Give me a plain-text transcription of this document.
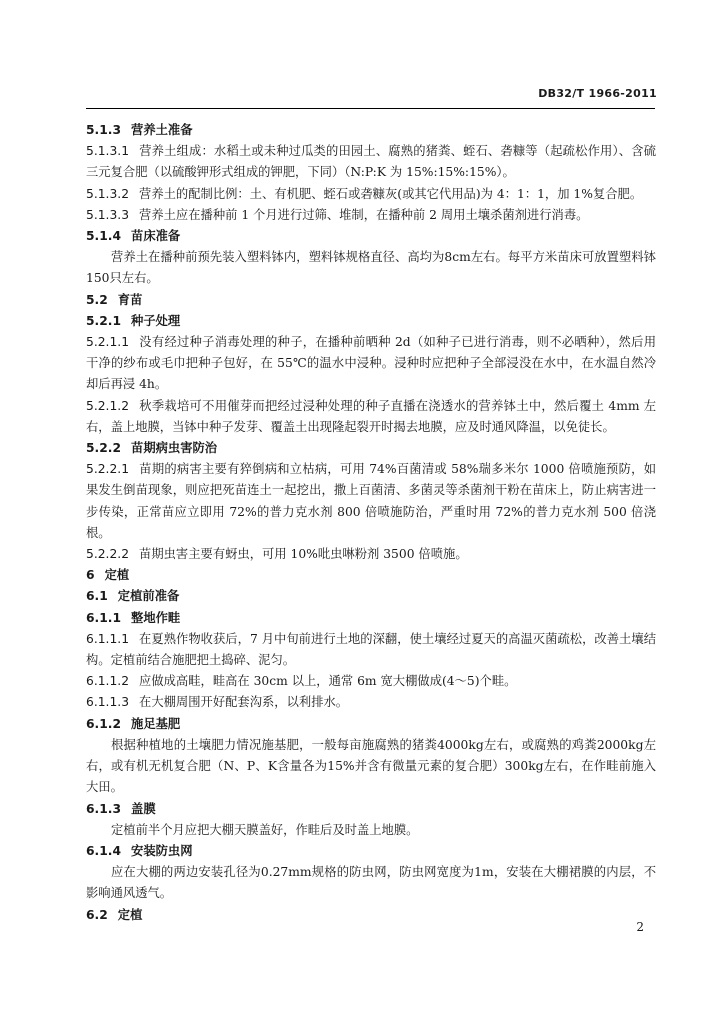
DB32/T 1966-2011

5.1.3 营养土准备

5.1.3.1 营养土组成：水稻土或未种过瓜类的田园土、腐熟的猪粪、蛭石、砻糠等（起疏松作用）、含硫三元复合肥（以硫酸钾形式组成的钾肥，下同）（N:P:K 为 15%:15%:15%）。

5.1.3.2 营养土的配制比例：土、有机肥、蛭石或砻糠灰(或其它代用品)为 4：1：1，加 1%复合肥。

5.1.3.3 营养土应在播种前 1 个月进行过筛、堆制，在播种前 2 周用土壤杀菌剂进行消毒。

5.1.4 苗床准备

营养土在播种前预先装入塑料钵内，塑料钵规格直径、高均为8cm左右。每平方米苗床可放置塑料钵150只左右。

5.2 育苗

5.2.1 种子处理

5.2.1.1 没有经过种子消毒处理的种子，在播种前晒种 2d（如种子已进行消毒，则不必晒种），然后用干净的纱布或毛巾把种子包好，在 55℃的温水中浸种。浸种时应把种子全部浸没在水中，在水温自然冷却后再浸 4h。

5.2.1.2 秋季栽培可不用催芽而把经过浸种处理的种子直播在浇透水的营养钵土中，然后覆土 4mm 左右，盖上地膜，当钵中种子发芽、覆盖土出现隆起裂开时揭去地膜，应及时通风降温，以免徒长。

5.2.2 苗期病虫害防治

5.2.2.1 苗期的病害主要有猝倒病和立枯病，可用 74%百菌清或 58%瑞多米尔 1000 倍喷施预防，如果发生倒苗现象，则应把死苗连土一起挖出，撒上百菌清、多菌灵等杀菌剂干粉在苗床上，防止病害进一步传染，正常苗应立即用 72%的普力克水剂 800 倍喷施防治，严重时用 72%的普力克水剂 500 倍浇根。

5.2.2.2 苗期虫害主要有蚜虫，可用 10%吡虫啉粉剂 3500 倍喷施。

6 定植

6.1 定植前准备

6.1.1 整地作畦

6.1.1.1 在夏熟作物收获后，7 月中旬前进行土地的深翻，使土壤经过夏天的高温灭菌疏松，改善土壤结构。定植前结合施肥把土捣碎、泥匀。

6.1.1.2 应做成高畦，畦高在 30cm 以上，通常 6m 宽大棚做成(4～5)个畦。

6.1.1.3 在大棚周围开好配套沟系，以利排水。

6.1.2 施足基肥

根据种植地的土壤肥力情况施基肥，一般每亩施腐熟的猪粪4000kg左右，或腐熟的鸡粪2000kg左右，或有机无机复合肥（N、P、K含量各为15%并含有微量元素的复合肥）300kg左右，在作畦前施入大田。

6.1.3 盖膜

定植前半个月应把大棚天膜盖好，作畦后及时盖上地膜。

6.1.4 安装防虫网

应在大棚的两边安装孔径为0.27mm规格的防虫网，防虫网宽度为1m，安装在大棚裙膜的内层，不影响通风透气。

6.2 定植

2
